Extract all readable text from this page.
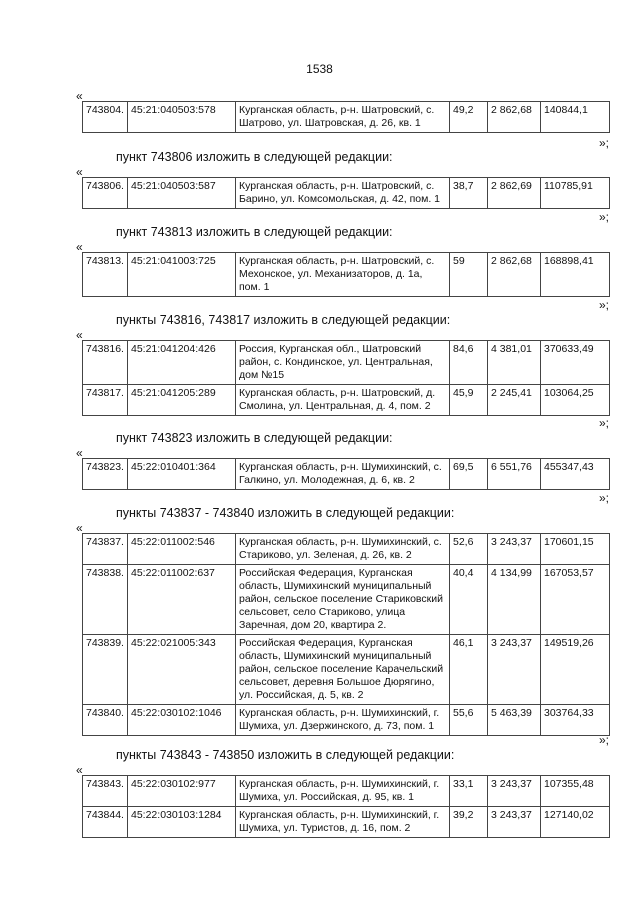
1538
«
743804.	45:21:040503:578	Курганская область, р-н. Шатровский, с. Шатрово, ул. Шатровская, д. 26, кв. 1	49,2	2 862,68	140844,1
»;
пункт 743806 изложить в следующей редакции:
«
743806.	45:21:040503:587	Курганская область, р-н. Шатровский, с. Барино, ул. Комсомольская, д. 42, пом. 1	38,7	2 862,69	110785,91
»;
пункт 743813 изложить в следующей редакции:
«
743813.	45:21:041003:725	Курганская область, р-н. Шатровский, с. Мехонское, ул. Механизаторов, д. 1а, пом. 1	59	2 862,68	168898,41
»;
пункты 743816, 743817 изложить в следующей редакции:
«
743816.	45:21:041204:426	Россия, Курганская обл., Шатровский район, с. Кондинское, ул. Центральная, дом №15	84,6	4 381,01	370633,49
743817.	45:21:041205:289	Курганская область, р-н. Шатровский, д. Смолина, ул. Центральная, д. 4, пом. 2	45,9	2 245,41	103064,25
»;
пункт 743823 изложить в следующей редакции:
«
743823.	45:22:010401:364	Курганская область, р-н. Шумихинский, с. Галкино, ул. Молодежная, д. 6, кв. 2	69,5	6 551,76	455347,43
»;
пункты 743837 - 743840 изложить в следующей редакции:
«
743837.	45:22:011002:546	Курганская область, р-н. Шумихинский, с. Стариково, ул. Зеленая, д. 26, кв. 2	52,6	3 243,37	170601,15
743838.	45:22:011002:637	Российская Федерация, Курганская область, Шумихинский муниципальный район, сельское поселение Стариковский сельсовет, село Стариково, улица Заречная, дом 20, квартира 2.	40,4	4 134,99	167053,57
743839.	45:22:021005:343	Российская Федерация, Курганская область, Шумихинский муниципальный район, сельское поселение Карачельский сельсовет, деревня Большое Дюрягино, ул. Российская, д. 5, кв. 2	46,1	3 243,37	149519,26
743840.	45:22:030102:1046	Курганская область, р-н. Шумихинский, г. Шумиха, ул. Дзержинского, д. 73, пом. 1	55,6	5 463,39	303764,33
»;
пункты 743843 - 743850 изложить в следующей редакции:
«
743843.	45:22:030102:977	Курганская область, р-н. Шумихинский, г. Шумиха, ул. Российская, д. 95, кв. 1	33,1	3 243,37	107355,48
743844.	45:22:030103:1284	Курганская область, р-н. Шумихинский, г. Шумиха, ул. Туристов, д. 16, пом. 2	39,2	3 243,37	127140,02
